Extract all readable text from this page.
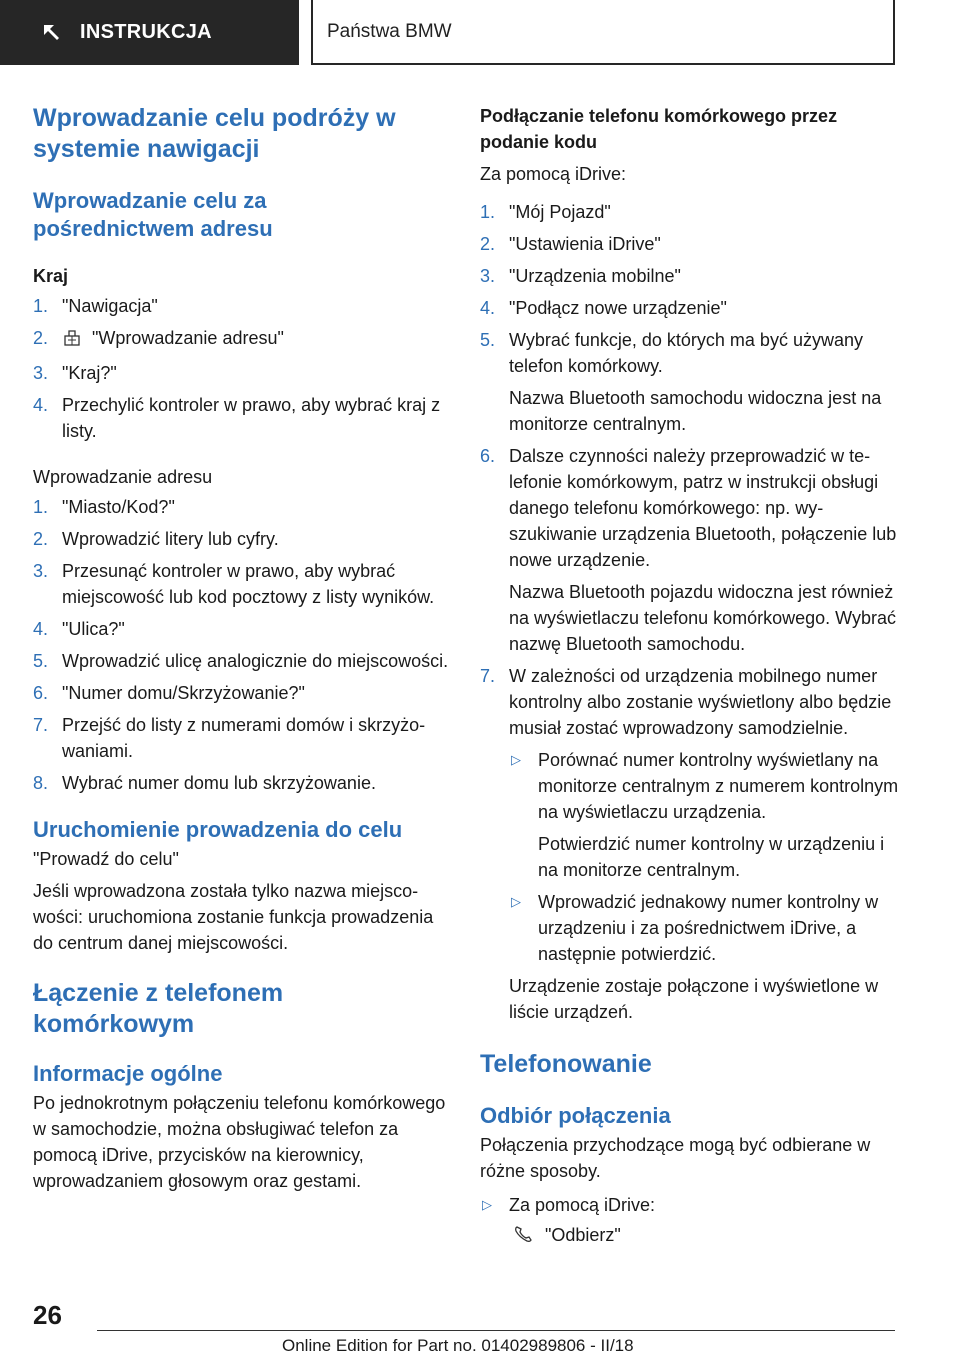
INSTRUKCJA	Państwa BMW
Wprowadzanie celu podróży w systemie nawigacji
Wprowadzanie celu za pośrednictwem adresu
Kraj
1. "Nawigacja"
2. "Wprowadzanie adresu"
3. "Kraj?"
4. Przechylić kontroler w prawo, aby wybrać kraj z listy.
Wprowadzanie adresu
1. "Miasto/Kod?"
2. Wprowadzić litery lub cyfry.
3. Przesunąć kontroler w prawo, aby wybrać miejscowość lub kod pocztowy z listy wyników.
4. "Ulica?"
5. Wprowadzić ulicę analogicznie do miejscowości.
6. "Numer domu/Skrzyżowanie?"
7. Przejść do listy z numerami domów i skrzyżowaniami.
8. Wybrać numer domu lub skrzyżowanie.
Uruchomienie prowadzenia do celu
"Prowadź do celu"
Jeśli wprowadzona została tylko nazwa miejscowości: uruchomiona zostanie funkcja prowadzenia do centrum danej miejscowości.
Łączenie z telefonem komórkowym
Informacje ogólne
Po jednokrotnym połączeniu telefonu komórkowego w samochodzie, można obsługiwać telefon za pomocą iDrive, przycisków na kierownicy, wprowadzaniem głosowym oraz gestami.
Podłączanie telefonu komórkowego przez podanie kodu
Za pomocą iDrive:
1. "Mój Pojazd"
2. "Ustawienia iDrive"
3. "Urządzenia mobilne"
4. "Podłącz nowe urządzenie"
5. Wybrać funkcje, do których ma być używany telefon komórkowy.
Nazwa Bluetooth samochodu widoczna jest na monitorze centralnym.
6. Dalsze czynności należy przeprowadzić w telefonie komórkowym, patrz w instrukcji obsługi danego telefonu komórkowego: np. wyszukiwanie urządzenia Bluetooth, połączenie lub nowe urządzenie.
Nazwa Bluetooth pojazdu widoczna jest również na wyświetlaczu telefonu komórkowego. Wybrać nazwę Bluetooth samochodu.
7. W zależności od urządzenia mobilnego numer kontrolny albo zostanie wyświetlony albo będzie musiał zostać wprowadzony samodzielnie.
▷ Porównać numer kontrolny wyświetlany na monitorze centralnym z numerem kontrolnym na wyświetlaczu urządzenia.
Potwierdzić numer kontrolny w urządzeniu i na monitorze centralnym.
▷ Wprowadzić jednakowy numer kontrolny w urządzeniu i za pośrednictwem iDrive, a następnie potwierdzić.
Urządzenie zostaje połączone i wyświetlone w liście urządzeń.
Telefonowanie
Odbiór połączenia
Połączenia przychodzące mogą być odbierane w różne sposoby.
▷ Za pomocą iDrive:
"Odbierz"
26
Online Edition for Part no. 01402989806 - II/18
